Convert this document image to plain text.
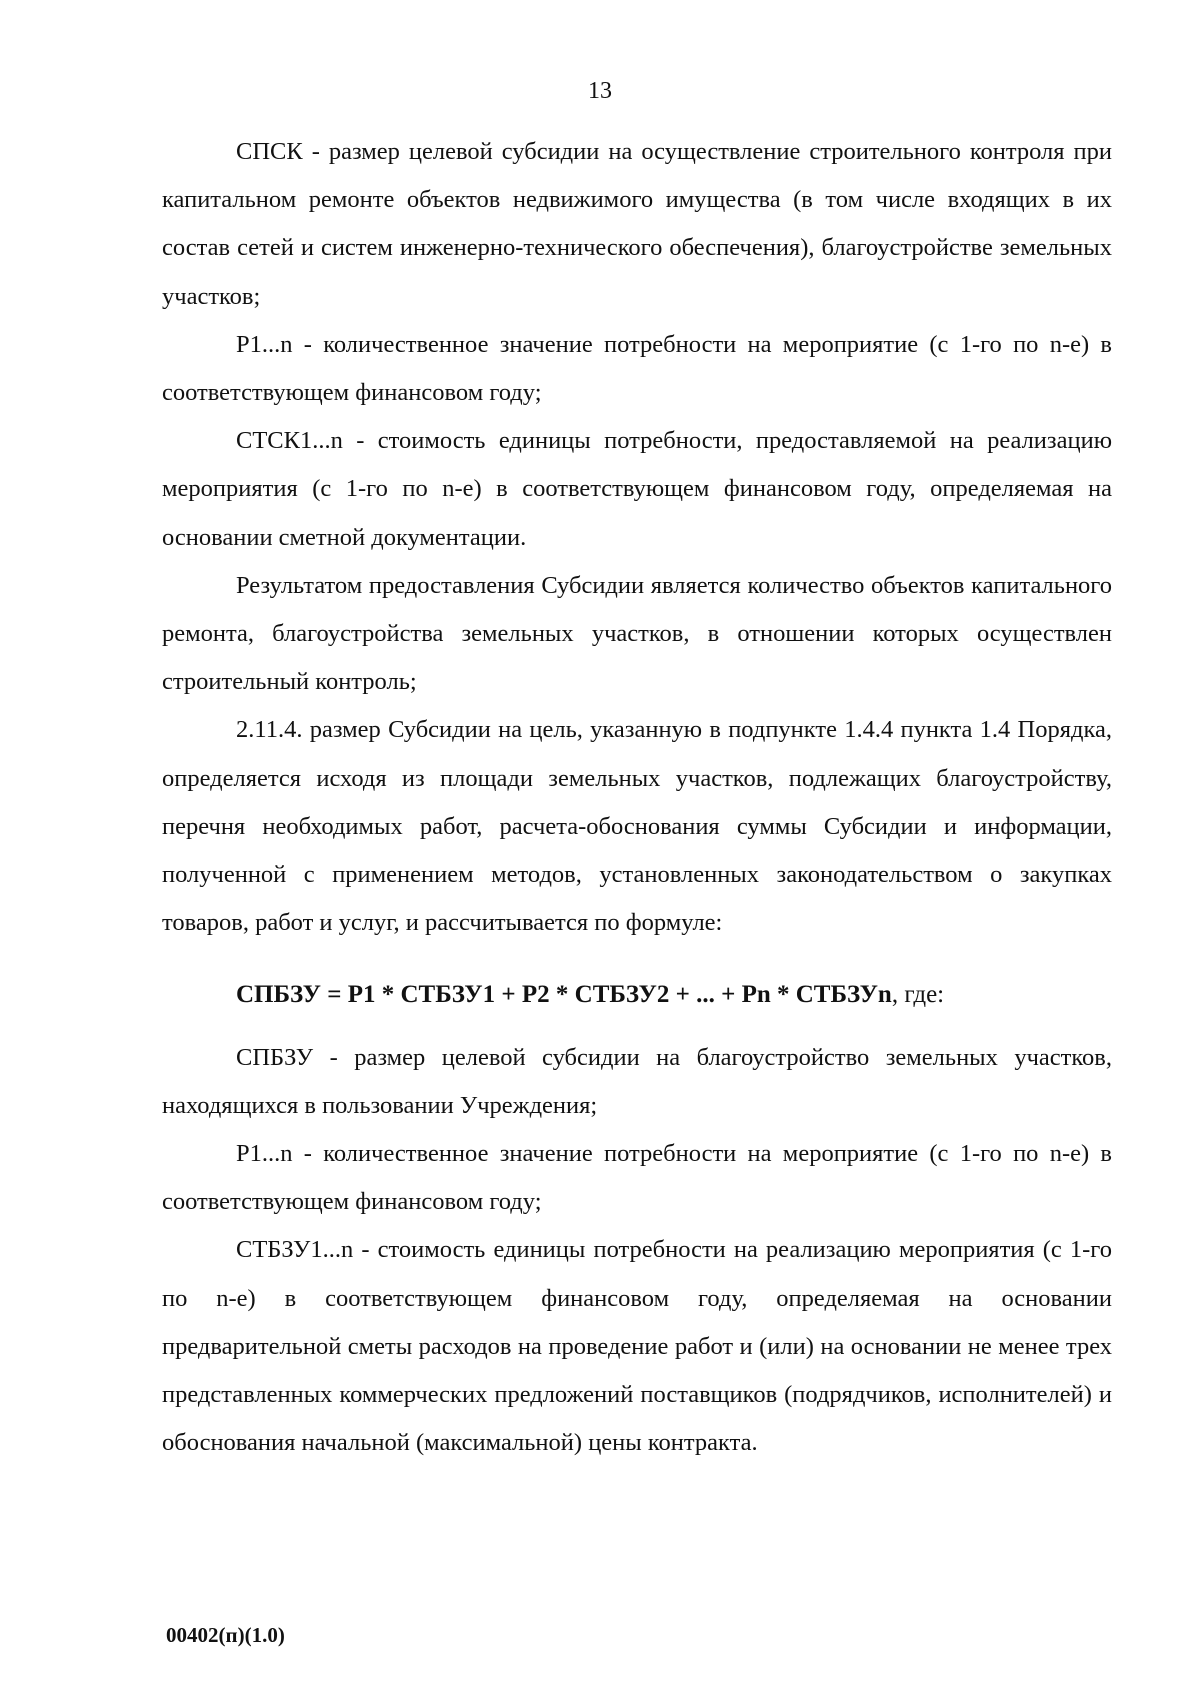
13

СПСК - размер целевой субсидии на осуществление строительного контроля при капитальном ремонте объектов недвижимого имущества (в том числе входящих в их состав сетей и систем инженерно-технического обеспечения), благоустройстве земельных участков;

P1...n - количественное значение потребности на мероприятие (с 1-го по n-e) в соответствующем финансовом году;

СТСК1...n - стоимость единицы потребности, предоставляемой на реализацию мероприятия (с 1-го по n-e) в соответствующем финансовом году, определяемая на основании сметной документации.

Результатом предоставления Субсидии является количество объектов капитального ремонта, благоустройства земельных участков, в отношении которых осуществлен строительный контроль;

2.11.4. размер Субсидии на цель, указанную в подпункте 1.4.4 пункта 1.4 Порядка, определяется исходя из площади земельных участков, подлежащих благоустройству, перечня необходимых работ, расчета-обоснования суммы Субсидии и информации, полученной с применением методов, установленных законодательством о закупках товаров, работ и услуг, и рассчитывается по формуле:

СПБЗУ = P1 * СТБЗУ1 + P2 * СТБЗУ2 + ... + Pn * СТБЗУn, где:

СПБЗУ - размер целевой субсидии на благоустройство земельных участков, находящихся в пользовании Учреждения;

P1...n - количественное значение потребности на мероприятие (с 1-го по n-e) в соответствующем финансовом году;

СТБЗУ1...n - стоимость единицы потребности на реализацию мероприятия (с 1-го по n-e) в соответствующем финансовом году, определяемая на основании предварительной сметы расходов на проведение работ и (или) на основании не менее трех представленных коммерческих предложений поставщиков (подрядчиков, исполнителей) и обоснования начальной (максимальной) цены контракта.

00402(п)(1.0)
